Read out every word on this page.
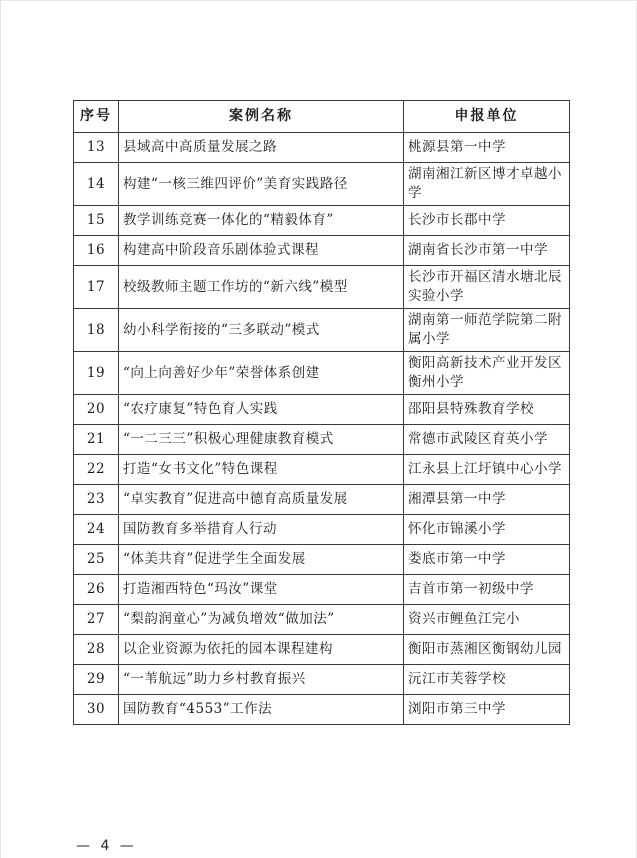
序号	案例名称	申报单位
13	县域高中高质量发展之路	桃源县第一中学
14	构建“一核三维四评价”美育实践路径	湖南湘江新区博才卓越小学
15	教学训练竞赛一体化的“精毅体育”	长沙市长郡中学
16	构建高中阶段音乐剧体验式课程	湖南省长沙市第一中学
17	校级教师主题工作坊的“新六线”模型	长沙市开福区清水塘北辰实验小学
18	幼小科学衔接的“三多联动”模式	湖南第一师范学院第二附属小学
19	“向上向善好少年”荣誉体系创建	衡阳高新技术产业开发区衡州小学
20	“农疗康复”特色育人实践	邵阳县特殊教育学校
21	“一二三三”积极心理健康教育模式	常德市武陵区育英小学
22	打造“女书文化”特色课程	江永县上江圩镇中心小学
23	“卓实教育”促进高中德育高质量发展	湘潭县第一中学
24	国防教育多举措育人行动	怀化市锦溪小学
25	“体美共育”促进学生全面发展	娄底市第一中学
26	打造湘西特色“玛汝”课堂	吉首市第一初级中学
27	“梨韵润童心”为减负增效“做加法”	资兴市鲤鱼江完小
28	以企业资源为依托的园本课程建构	衡阳市蒸湘区衡钢幼儿园
29	“一苇航远”助力乡村教育振兴	沅江市芙蓉学校
30	国防教育“4553”工作法	浏阳市第三中学
— 4 —
